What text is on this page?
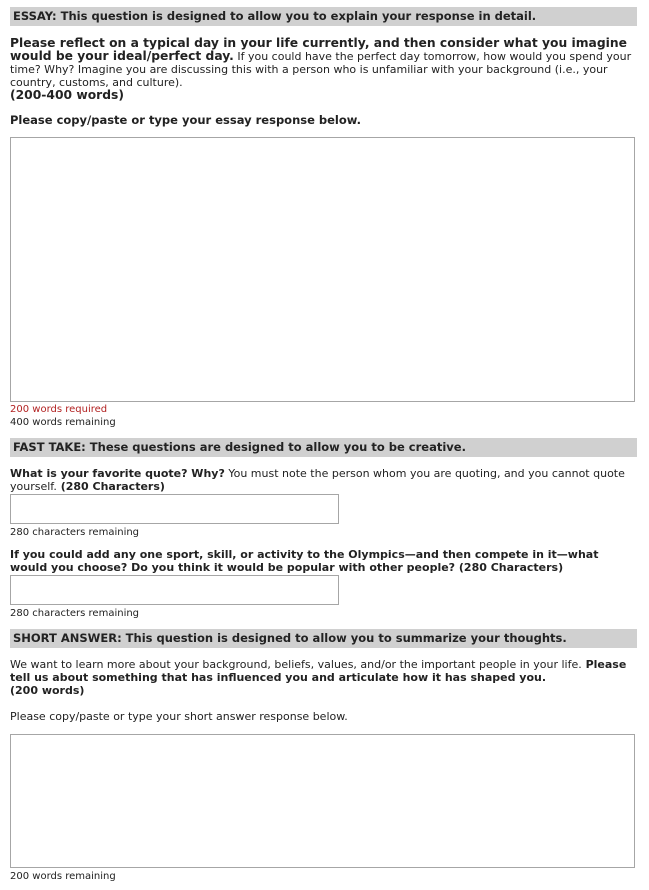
ESSAY: This question is designed to allow you to explain your response in detail.
Please reflect on a typical day in your life currently, and then consider what you imagine would be your ideal/perfect day. If you could have the perfect day tomorrow, how would you spend your time? Why? Imagine you are discussing this with a person who is unfamiliar with your background (i.e., your country, customs, and culture).
(200-400 words)
Please copy/paste or type your essay response below.
200 words required
400 words remaining
FAST TAKE: These questions are designed to allow you to be creative.
What is your favorite quote? Why? You must note the person whom you are quoting, and you cannot quote yourself. (280 Characters)
280 characters remaining
If you could add any one sport, skill, or activity to the Olympics—and then compete in it—what would you choose? Do you think it would be popular with other people? (280 Characters)
280 characters remaining
SHORT ANSWER: This question is designed to allow you to summarize your thoughts.
We want to learn more about your background, beliefs, values, and/or the important people in your life. Please tell us about something that has influenced you and articulate how it has shaped you.
(200 words)
Please copy/paste or type your short answer response below.
200 words remaining
